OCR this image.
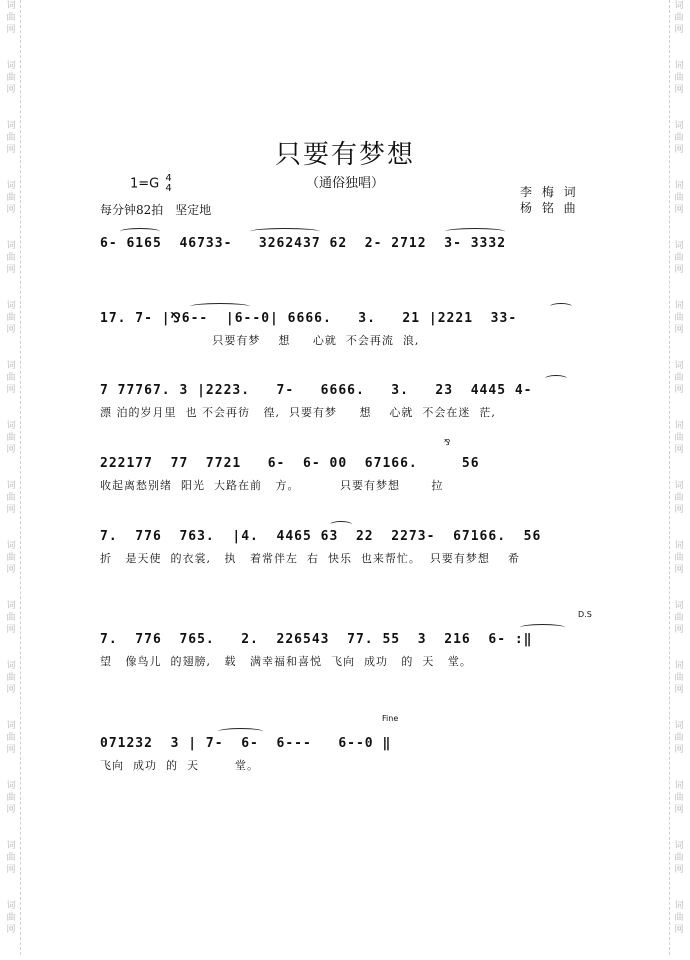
词
曲
网
词
曲
网
词
曲
网
词
曲
网
词
曲
网
词
曲
网
词
曲
网
词
曲
网
词
曲
网
词
曲
网
词
曲
网
词
曲
网
词
曲
网
词
曲
网
词
曲
网
词
曲
网
词
曲
网
词
曲
网
词
曲
网
词
曲
网
词
曲
网
词
曲
网
词
曲
网
词
曲
网
词
曲
网
词
曲
网
词
曲
网
词
曲
网
词
曲
网
词
曲
网
词
曲
网
词
曲
网
只要有梦想
（通俗独唱）
1=G 4
4
每分钟82拍　坚定地
李 梅 词
杨 铭 曲
6- 6165  46733-   3262437 62  2- 2712  3- 3332
17. 7- |⅋6--  |6--0| 6666.   3.   21 |2221  33-
只要有梦    想     心就  不会再流  浪,
7 77767. 3 |2223.   7-   6666.   3.   23  4445 4-
漂 泊的岁月里  也 不会再彷   徨,  只要有梦     想    心就  不会在迷  茫,
⅋
222177  77  7721   6-  6- 00  67166.     56
收起离愁别绪  阳光  大路在前   方。         只要有梦想       拉
7.  776  763.  |4.  4465 63  22  2273-  67166.  56
折   是天使  的衣裳,   执   着常伴左  右  快乐  也来帮忙。  只要有梦想    希
D.S
7.  776  765.   2.  226543  77. 55  3  216  6- :‖
望   像鸟儿  的翅膀,   载   满幸福和喜悦  飞向  成功   的  天   堂。
Fine
071232  3 | 7-  6-  6---   6--0 ‖
飞向  成功  的  天        堂。
